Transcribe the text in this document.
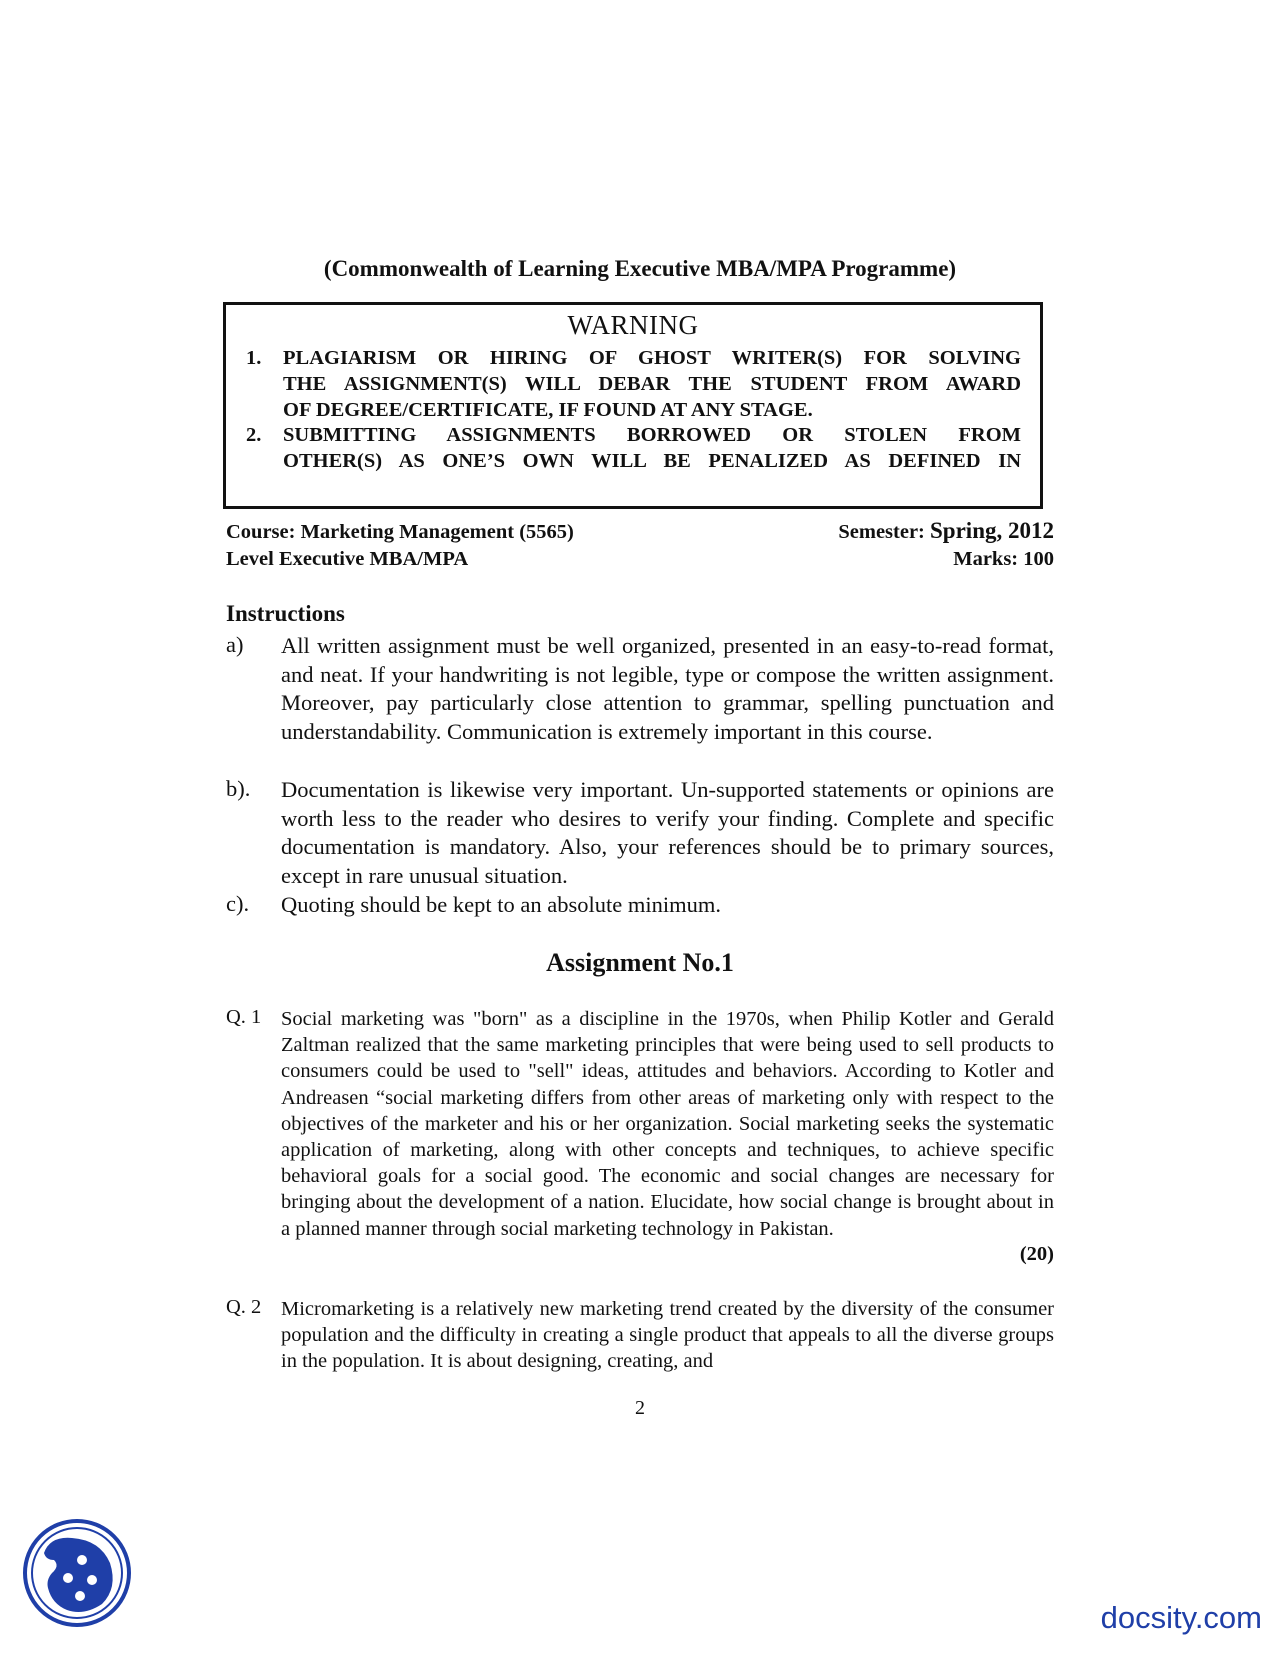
(Commonwealth of Learning Executive MBA/MPA Programme)
WARNING
1. PLAGIARISM OR HIRING OF GHOST WRITER(S) FOR SOLVING
THE ASSIGNMENT(S) WILL DEBAR THE STUDENT FROM AWARD
OF DEGREE/CERTIFICATE, IF FOUND AT ANY STAGE.
2. SUBMITTING ASSIGNMENTS BORROWED OR STOLEN FROM
OTHER(S) AS ONE’S OWN WILL BE PENALIZED AS DEFINED IN
Course: Marketing Management (5565)	Semester: Spring, 2012
Level Executive MBA/MPA	Marks: 100
Instructions
a) All written assignment must be well organized, presented in an easy-to-read format, and neat. If your handwriting is not legible, type or compose the written assignment. Moreover, pay particularly close attention to grammar, spelling punctuation and understandability. Communication is extremely important in this course.
b). Documentation is likewise very important. Un-supported statements or opinions are worth less to the reader who desires to verify your finding. Complete and specific documentation is mandatory. Also, your references should be to primary sources, except in rare unusual situation.
c). Quoting should be kept to an absolute minimum.
Assignment No.1
Q. 1 Social marketing was "born" as a discipline in the 1970s, when Philip Kotler and Gerald Zaltman realized that the same marketing principles that were being used to sell products to consumers could be used to "sell" ideas, attitudes and behaviors. According to Kotler and Andreasen “social marketing differs from other areas of marketing only with respect to the objectives of the marketer and his or her organization. Social marketing seeks the systematic application of marketing, along with other concepts and techniques, to achieve specific behavioral goals for a social good. The economic and social changes are necessary for bringing about the development of a nation. Elucidate, how social change is brought about in a planned manner through social marketing technology in Pakistan.
(20)
Q. 2 Micromarketing is a relatively new marketing trend created by the diversity of the consumer population and the difficulty in creating a single product that appeals to all the diverse groups in the population. It is about designing, creating, and
2
docsity.com
